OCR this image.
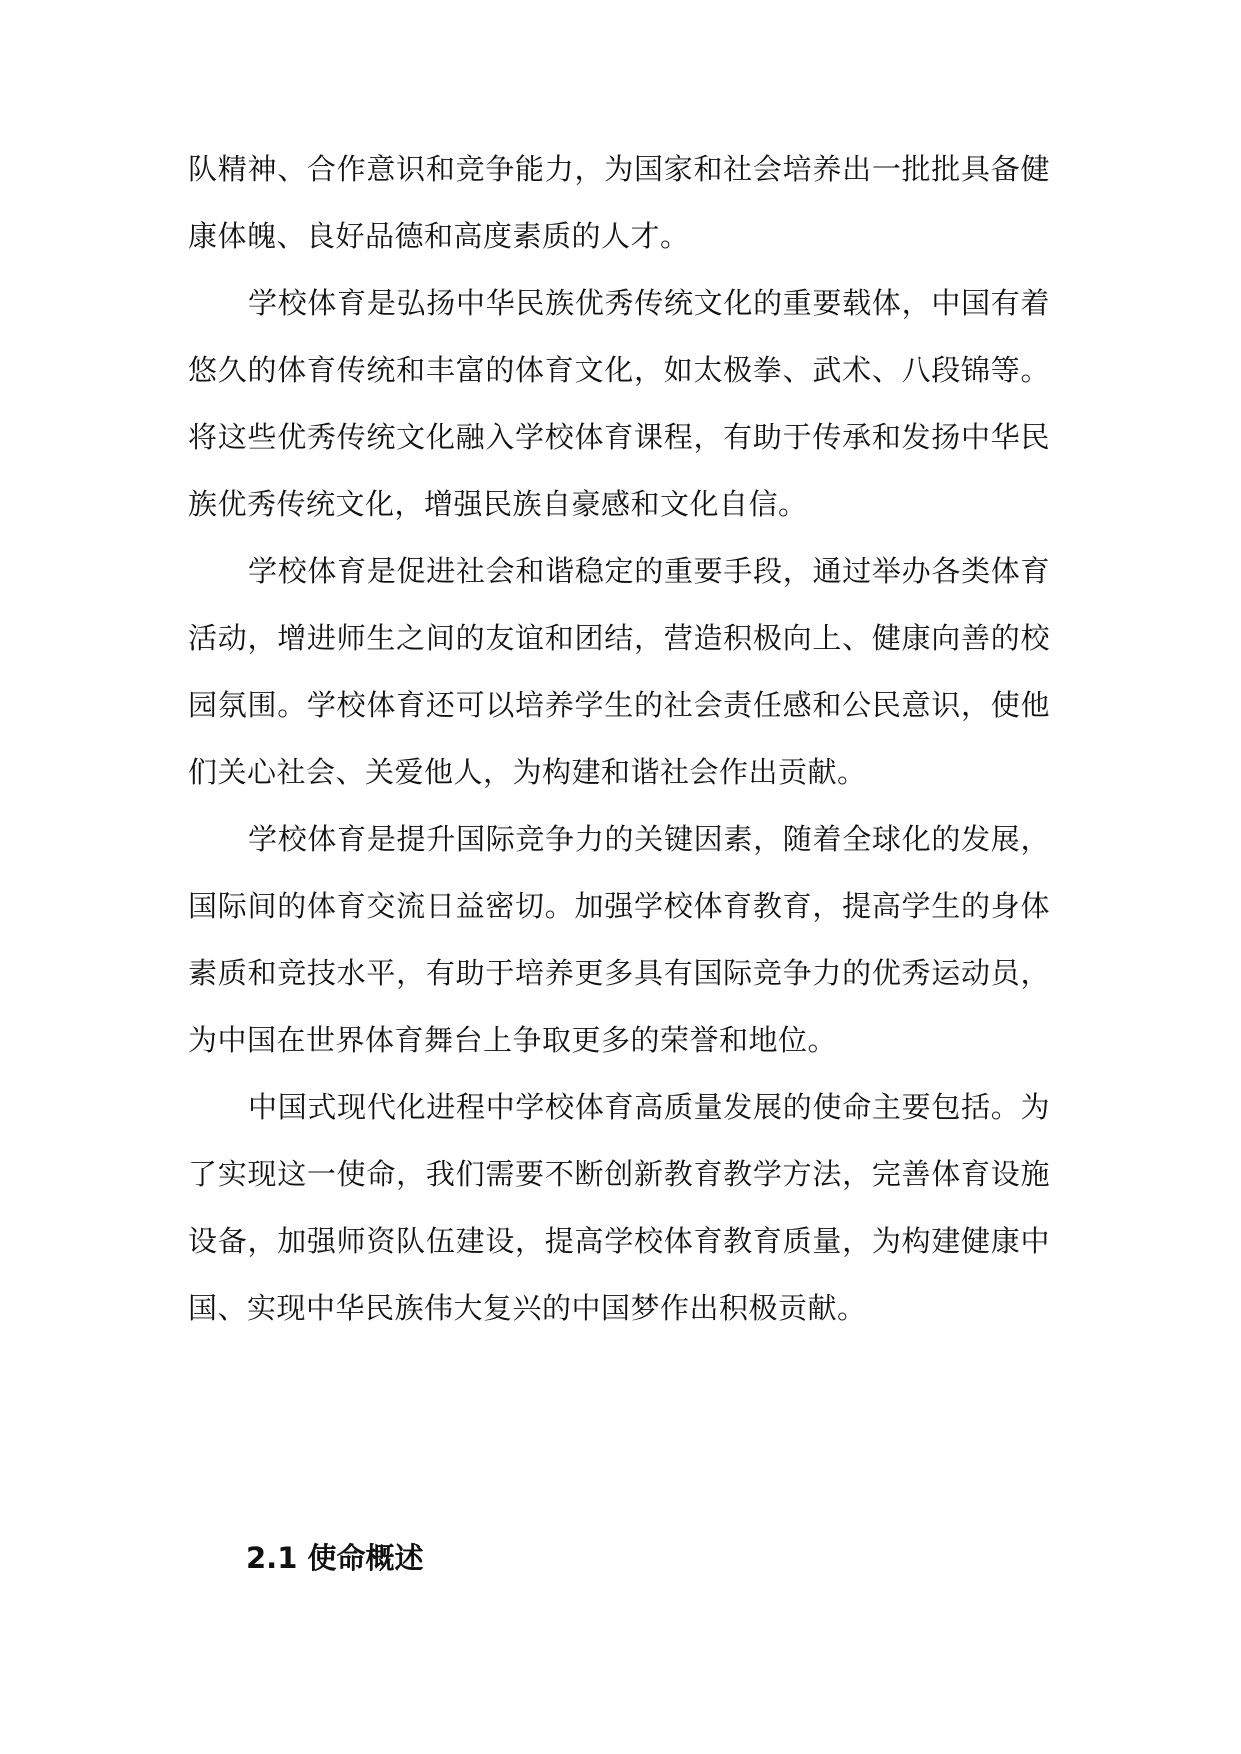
队精神、合作意识和竞争能力，为国家和社会培养出一批批具备健康体魄、良好品德和高度素质的人才。

学校体育是弘扬中华民族优秀传统文化的重要载体，中国有着悠久的体育传统和丰富的体育文化，如太极拳、武术、八段锦等。将这些优秀传统文化融入学校体育课程，有助于传承和发扬中华民族优秀传统文化，增强民族自豪感和文化自信。

学校体育是促进社会和谐稳定的重要手段，通过举办各类体育活动，增进师生之间的友谊和团结，营造积极向上、健康向善的校园氛围。学校体育还可以培养学生的社会责任感和公民意识，使他们关心社会、关爱他人，为构建和谐社会作出贡献。

学校体育是提升国际竞争力的关键因素，随着全球化的发展，国际间的体育交流日益密切。加强学校体育教育，提高学生的身体素质和竞技水平，有助于培养更多具有国际竞争力的优秀运动员，为中国在世界体育舞台上争取更多的荣誉和地位。

中国式现代化进程中学校体育高质量发展的使命主要包括。为了实现这一使命，我们需要不断创新教育教学方法，完善体育设施设备，加强师资队伍建设，提高学校体育教育质量，为构建健康中国、实现中华民族伟大复兴的中国梦作出积极贡献。

2.1 使命概述
